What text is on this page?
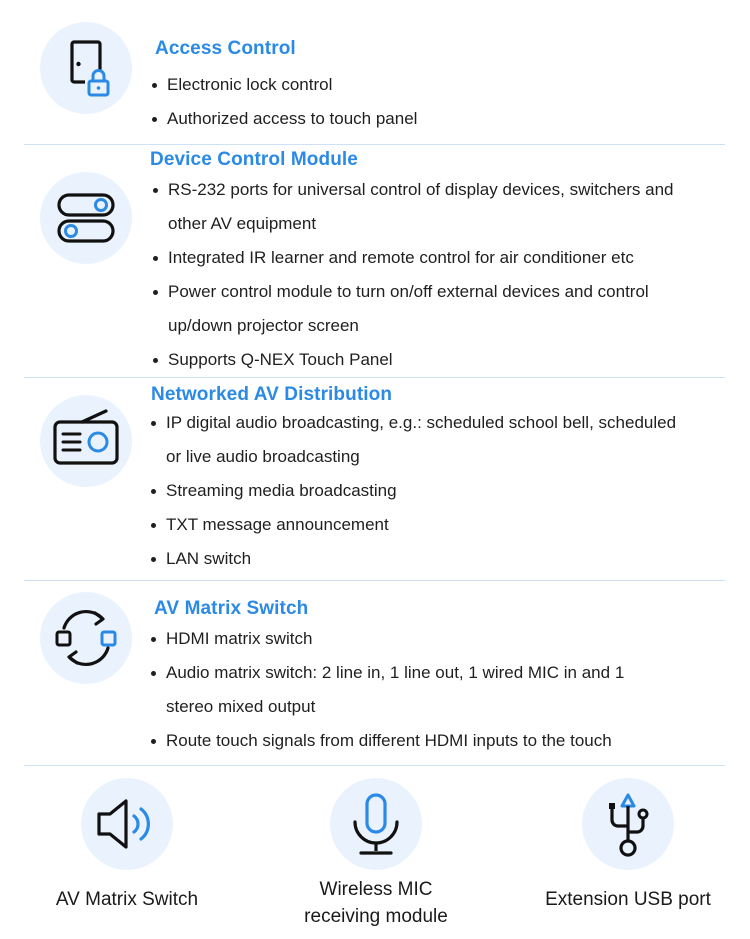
Access Control
Electronic lock control
Authorized access to touch panel
Device Control Module
RS-232 ports for universal control of display devices, switchers and
other AV equipment
Integrated IR learner and remote control for air conditioner etc
Power control module to turn on/off external devices and control
up/down projector screen
Supports Q-NEX Touch Panel
Networked AV Distribution
IP digital audio broadcasting, e.g.: scheduled school bell, scheduled
or live audio broadcasting
Streaming media broadcasting
TXT message announcement
LAN switch
AV Matrix Switch
HDMI matrix switch
Audio matrix switch: 2 line in, 1 line out, 1 wired MIC in and 1
stereo mixed output
Route touch signals from different HDMI inputs to the touch
AV Matrix Switch	Wireless MIC
receiving module
Extension USB port
